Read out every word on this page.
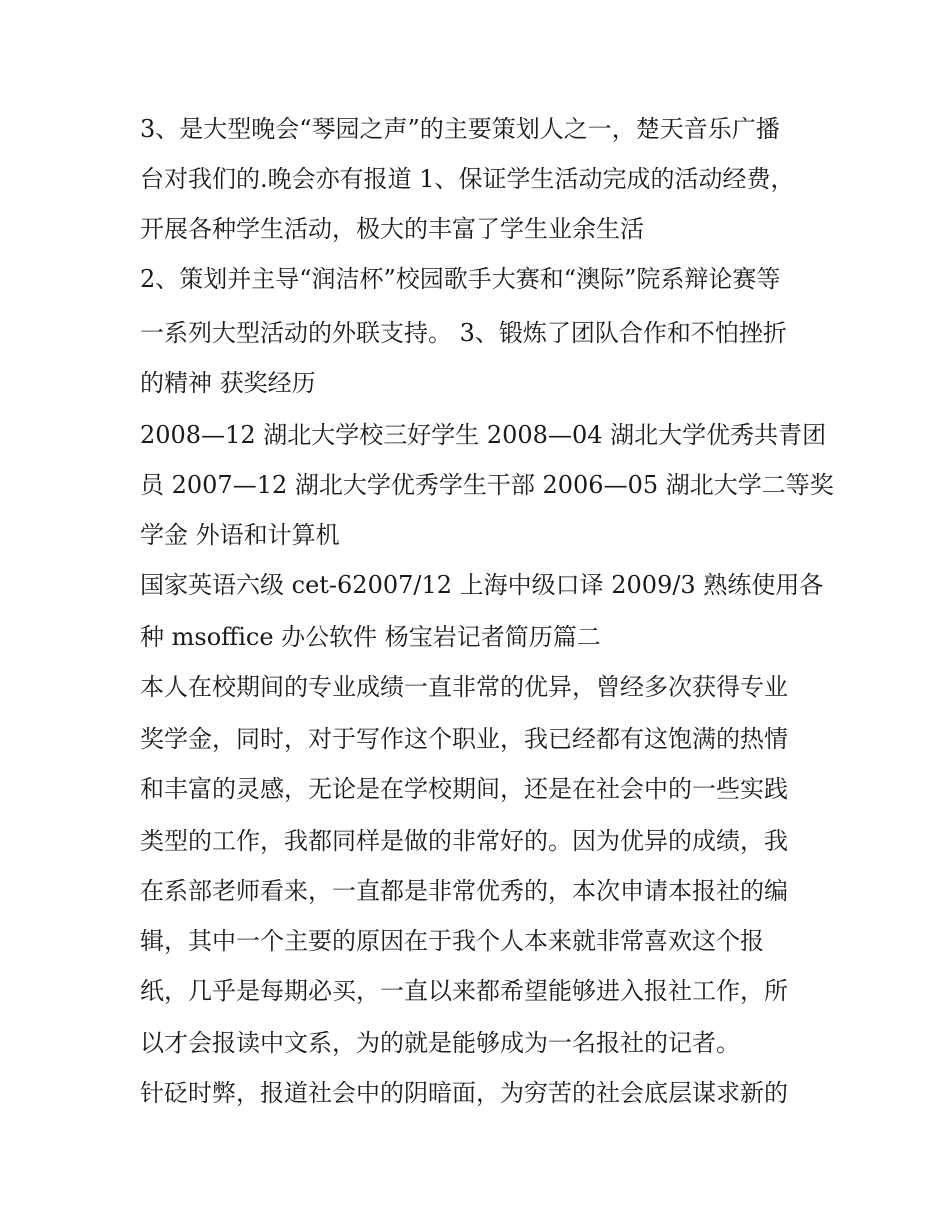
3、是大型晚会“琴园之声”的主要策划人之一，楚天音乐广播
台对我们的.晚会亦有报道 1、保证学生活动完成的活动经费，
开展各种学生活动，极大的丰富了学生业余生活
2、策划并主导“润洁杯”校园歌手大赛和“澳际”院系辩论赛等
一系列大型活动的外联支持。 3、锻炼了团队合作和不怕挫折
的精神 获奖经历
2008—12 湖北大学校三好学生 2008—04 湖北大学优秀共青团
员 2007—12 湖北大学优秀学生干部 2006—05 湖北大学二等奖
学金 外语和计算机
国家英语六级 cet-62007/12 上海中级口译 2009/3 熟练使用各
种 msoffice 办公软件 杨宝岩记者简历篇二
本人在校期间的专业成绩一直非常的优异，曾经多次获得专业
奖学金，同时，对于写作这个职业，我已经都有这饱满的热情
和丰富的灵感，无论是在学校期间，还是在社会中的一些实践
类型的工作，我都同样是做的非常好的。因为优异的成绩，我
在系部老师看来，一直都是非常优秀的，本次申请本报社的编
辑，其中一个主要的原因在于我个人本来就非常喜欢这个报
纸，几乎是每期必买，一直以来都希望能够进入报社工作，所
以才会报读中文系，为的就是能够成为一名报社的记者。
针砭时弊，报道社会中的阴暗面，为穷苦的社会底层谋求新的
